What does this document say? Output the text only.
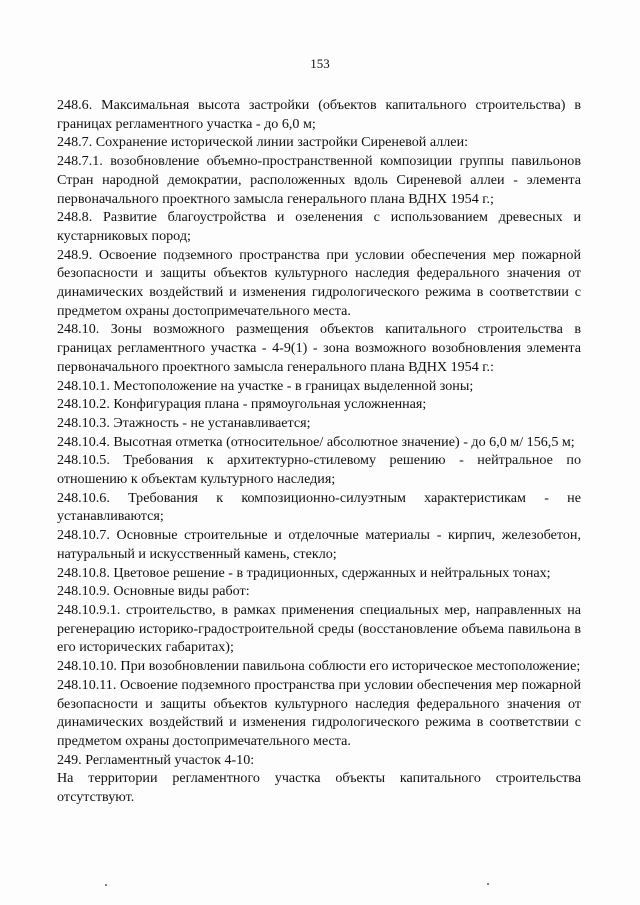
153

248.6. Максимальная высота застройки (объектов капитального строительства) в границах регламентного участка - до 6,0 м;

248.7. Сохранение исторической линии застройки Сиреневой аллеи:

248.7.1. возобновление объемно-пространственной композиции группы павильонов Стран народной демократии, расположенных вдоль Сиреневой аллеи - элемента первоначального проектного замысла генерального плана ВДНХ 1954 г.;

248.8. Развитие благоустройства и озеленения с использованием древесных и кустарниковых пород;

248.9. Освоение подземного пространства при условии обеспечения мер пожарной безопасности и защиты объектов культурного наследия федерального значения от динамических воздействий и изменения гидрологического режима в соответствии с предметом охраны достопримечательного места.

248.10. Зоны возможного размещения объектов капитального строительства в границах регламентного участка - 4-9(1) - зона возможного возобновления элемента первоначального проектного замысла генерального плана ВДНХ 1954 г.:

248.10.1. Местоположение на участке - в границах выделенной зоны;

248.10.2. Конфигурация плана - прямоугольная усложненная;

248.10.3. Этажность - не устанавливается;

248.10.4. Высотная отметка (относительное/ абсолютное значение) - до 6,0 м/ 156,5 м;

248.10.5. Требования к архитектурно-стилевому решению - нейтральное по отношению к объектам культурного наследия;

248.10.6. Требования к композиционно-силуэтным характеристикам - не устанавливаются;

248.10.7. Основные строительные и отделочные материалы - кирпич, железобетон, натуральный и искусственный камень, стекло;

248.10.8. Цветовое решение - в традиционных, сдержанных и нейтральных тонах;

248.10.9. Основные виды работ:

248.10.9.1. строительство, в рамках применения специальных мер, направленных на регенерацию историко-градостроительной среды (восстановление объема павильона в его исторических габаритах);

248.10.10. При возобновлении павильона соблюсти его историческое местоположение;

248.10.11. Освоение подземного пространства при условии обеспечения мер пожарной безопасности и защиты объектов культурного наследия федерального значения от динамических воздействий и изменения гидрологического режима в соответствии с предметом охраны достопримечательного места.

249. Регламентный участок 4-10:

На территории регламентного участка объекты капитального строительства отсутствуют.
